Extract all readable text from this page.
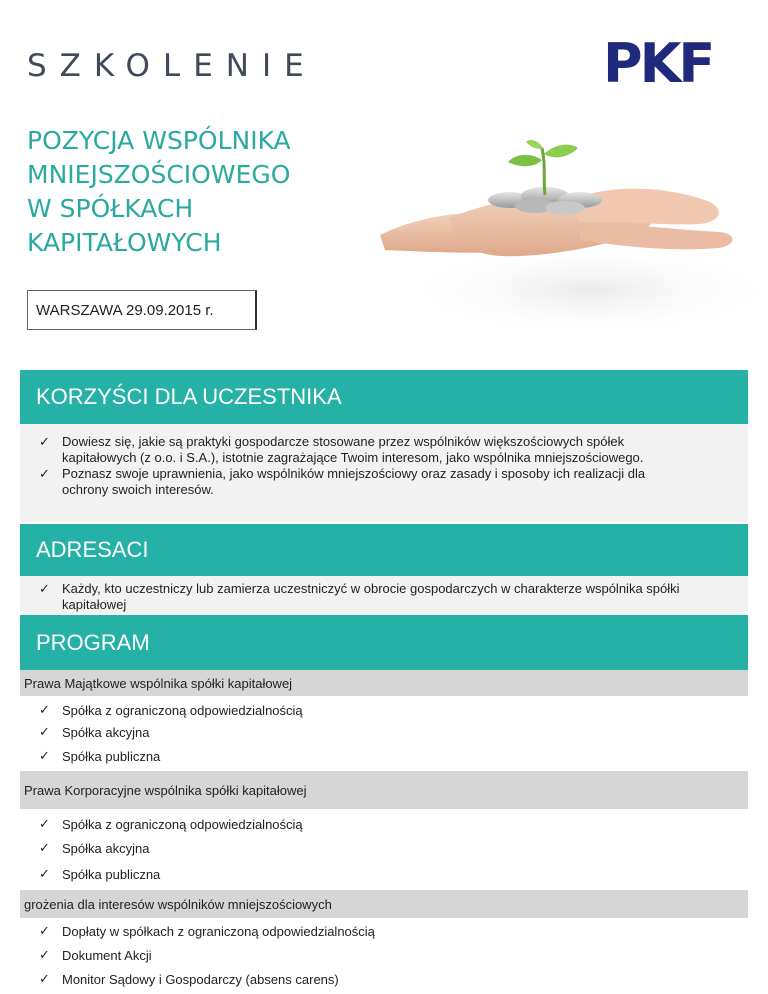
SZKOLENIE	PKF
POZYCJA WSPÓLNIKA
MNIEJSZOŚCIOWEGO
W SPÓŁKACH
KAPITAŁOWYCH
WARSZAWA 29.09.2015 r.
KORZYŚCI DLA UCZESTNIKA
✓ Dowiesz się, jakie są praktyki gospodarcze stosowane przez wspólników większościowych spółek kapitałowych (z o.o. i S.A.), istotnie zagrażające Twoim interesom, jako wspólnika mniejszościowego.
✓ Poznasz swoje uprawnienia, jako wspólników mniejszościowy oraz zasady i sposoby ich realizacji dla ochrony swoich interesów.
ADRESACI
✓ Każdy, kto uczestniczy lub zamierza uczestniczyć w obrocie gospodarczych w charakterze wspólnika spółki kapitałowej
PROGRAM
Prawa Majątkowe wspólnika spółki kapitałowej
✓ Spółka z ograniczoną odpowiedzialnością
✓ Spółka akcyjna
✓ Spółka publiczna
Prawa Korporacyjne wspólnika spółki kapitałowej
✓ Spółka z ograniczoną odpowiedzialnością
✓ Spółka akcyjna
✓ Spółka publiczna
grożenia dla interesów wspólników mniejszościowych
✓ Dopłaty w spółkach z ograniczoną odpowiedzialnością
✓ Dokument Akcji
✓ Monitor Sądowy i Gospodarczy (absens carens)
